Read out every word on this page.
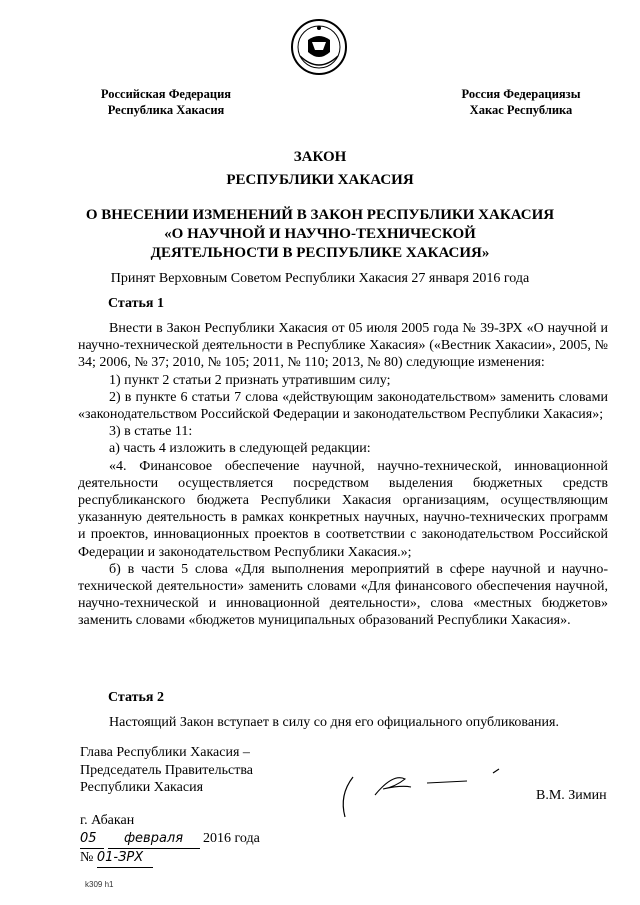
Российская Федерация
Республика Хакасия
Россия Федерациязы
Хакас Республика
ЗАКОН
РЕСПУБЛИКИ ХАКАСИЯ
О ВНЕСЕНИИ ИЗМЕНЕНИЙ В ЗАКОН РЕСПУБЛИКИ ХАКАСИЯ
«О НАУЧНОЙ И НАУЧНО-ТЕХНИЧЕСКОЙ
ДЕЯТЕЛЬНОСТИ В РЕСПУБЛИКЕ ХАКАСИЯ»
Принят Верховным Советом Республики Хакасия 27 января 2016 года
Статья 1

Внести в Закон Республики Хакасия от 05 июля 2005 года № 39-ЗРХ «О научной и научно-технической деятельности в Республике Хакасия» («Вестник Хакасии», 2005, № 34; 2006, № 37; 2010, № 105; 2011, № 110; 2013, № 80) следующие изменения:

1) пункт 2 статьи 2 признать утратившим силу;

2) в пункте 6 статьи 7 слова «действующим законодательством» заменить словами «законодательством Российской Федерации и законодательством Республики Хакасия»;

3) в статье 11:

а) часть 4 изложить в следующей редакции:

«4. Финансовое обеспечение научной, научно-технической, инновационной деятельности осуществляется посредством выделения бюджетных средств республиканского бюджета Республики Хакасия организациям, осуществляющим указанную деятельность в рамках конкретных научных, научно-технических программ и проектов, инновационных проектов в соответствии с законодательством Российской Федерации и законодательством Республики Хакасия.»;

б) в части 5 слова «Для выполнения мероприятий в сфере научной и научно-технической деятельности» заменить словами «Для финансового обеспечения научной, научно-технической и инновационной деятельности», слова «местных бюджетов» заменить словами «бюджетов муниципальных образований Республики Хакасия».

Статья 2

Настоящий Закон вступает в силу со дня его официального опубликования.

Глава Республики Хакасия –
Председатель Правительства
Республики Хакасия
В.М. Зимин
г. Абакан
05 февраля 2016 года
№ 01-ЗРХ
k309 h1
